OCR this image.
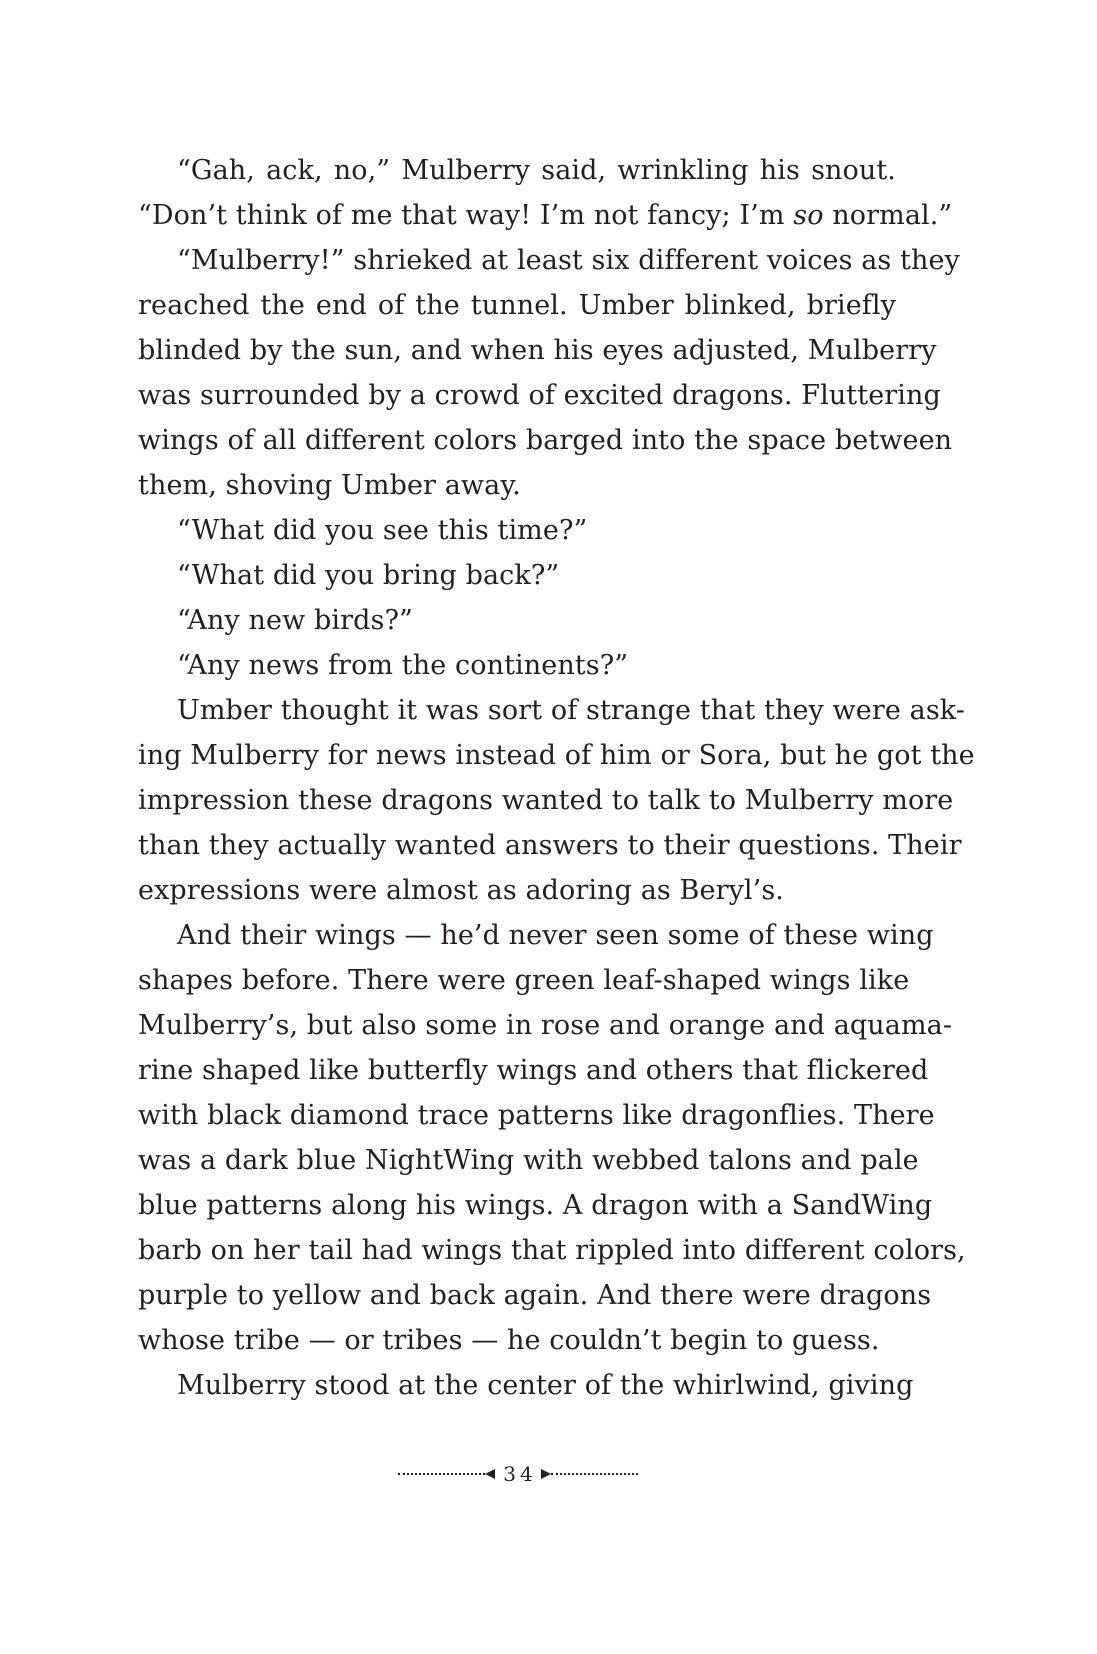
“Gah, ack, no,” Mulberry said, wrinkling his snout.
“Don’t think of me that way! I’m not fancy; I’m so normal.”
“Mulberry!” shrieked at least six different voices as they
reached the end of the tunnel. Umber blinked, briefly
blinded by the sun, and when his eyes adjusted, Mulberry
was surrounded by a crowd of excited dragons. Fluttering
wings of all different colors barged into the space between
them, shoving Umber away.
“What did you see this time?”
“What did you bring back?”
“Any new birds?”
“Any news from the continents?”
Umber thought it was sort of strange that they were ask-
ing Mulberry for news instead of him or Sora, but he got the
impression these dragons wanted to talk to Mulberry more
than they actually wanted answers to their questions. Their
expressions were almost as adoring as Beryl’s.
And their wings — he’d never seen some of these wing
shapes before. There were green leaf-shaped wings like
Mulberry’s, but also some in rose and orange and aquama-
rine shaped like butterfly wings and others that flickered
with black diamond trace patterns like dragonflies. There
was a dark blue NightWing with webbed talons and pale
blue patterns along his wings. A dragon with a SandWing
barb on her tail had wings that rippled into different colors,
purple to yellow and back again. And there were dragons
whose tribe — or tribes — he couldn’t begin to guess.
Mulberry stood at the center of the whirlwind, giving
34
